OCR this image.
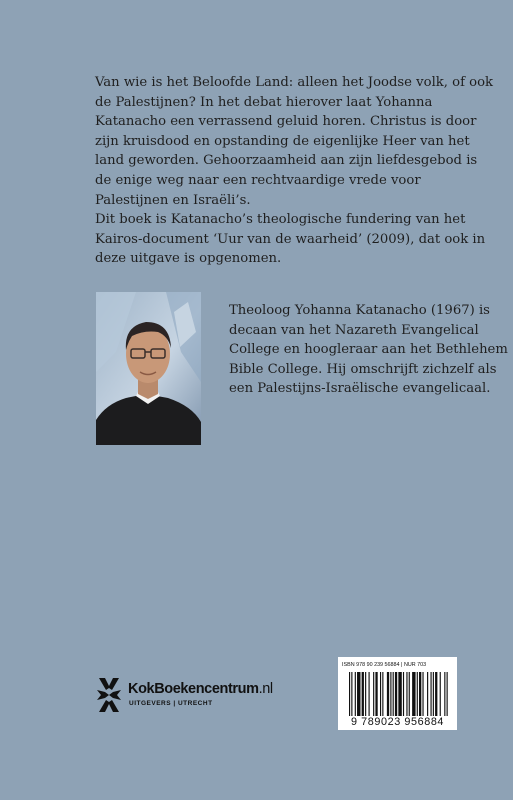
Van wie is het Beloofde Land: alleen het Joodse volk, of ook de Palestijnen? In het debat hierover laat Yohanna Katanacho een verrassend geluid horen. Christus is door zijn kruisdood en opstanding de eigenlijke Heer van het land geworden. Gehoorzaamheid aan zijn liefdesgebod is de enige weg naar een rechtvaardige vrede voor Palestijnen en Israëli’s.

Dit boek is Katanacho’s theologische fundering van het Kairos-document ‘Uur van de waarheid’ (2009), dat ook in deze uitgave is opgenomen.

Theoloog Yohanna Katanacho (1967) is decaan van het Nazareth Evangelical College en hoogleraar aan het Bethlehem Bible College. Hij omschrijft zichzelf als een Palestijns-Israëlische evangelicaal.

KokBoekencentrum.nl
UITGEVERS | UTRECHT
ISBN 978 90 239 56884 | NUR 703
9 789023 956884
